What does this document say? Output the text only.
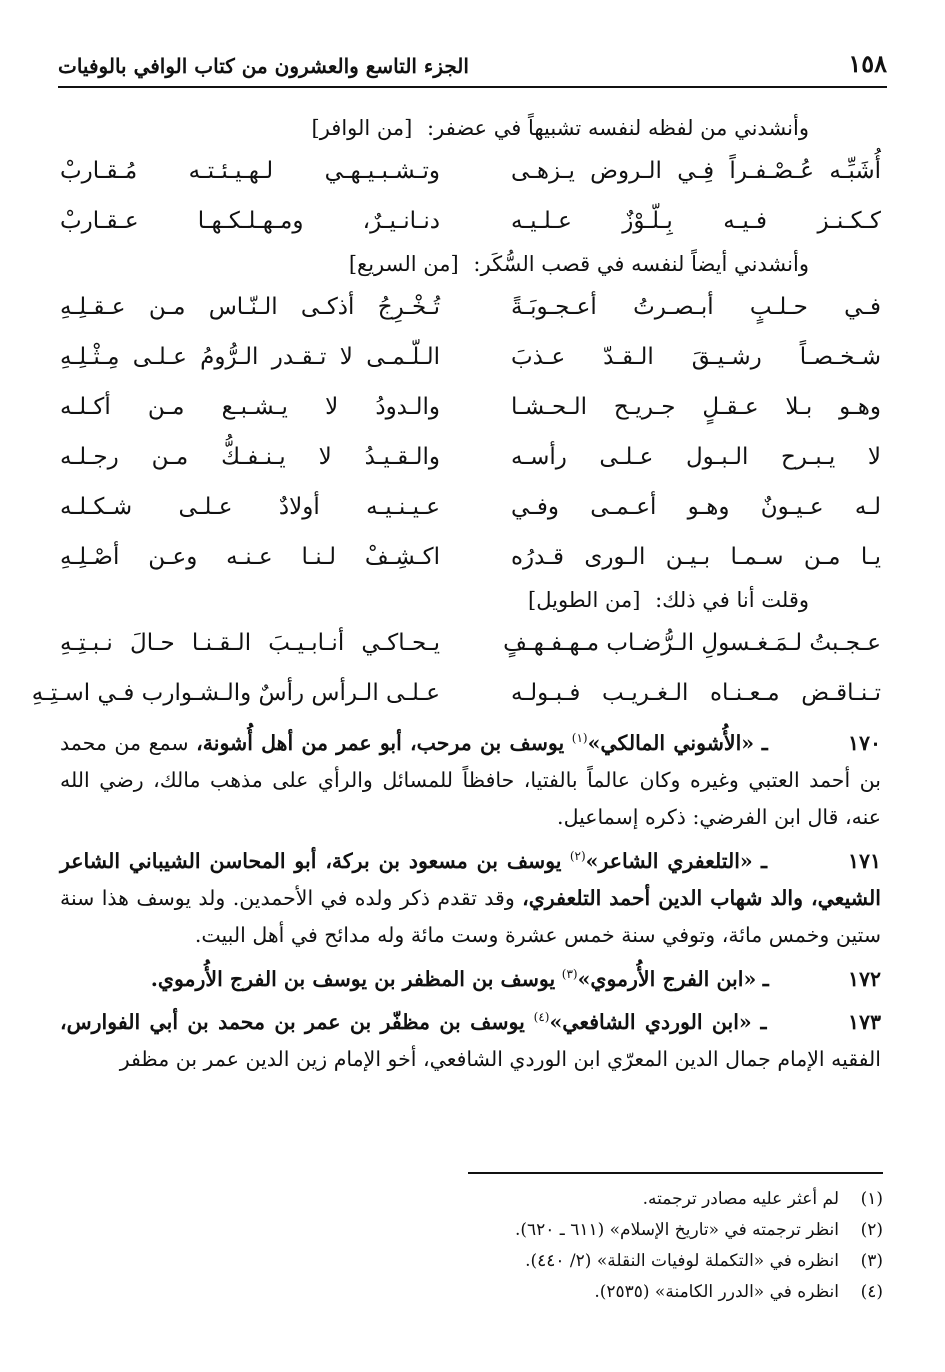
١٥٨
الجزء التاسع والعشرون من كتاب الوافي بالوفيات
وأنشدني من لفظه لنفسه تشبيهاً في عضفر: [من الوافر]
أُشَبِّـه عُـصْـفـراً فِـي الـروض يـزهـى
وتـشـبـيـهـي لـهـيـئـتـه مُـقـاربْ
كـكـنـز فـيـه بِـلّـوْزٌ عـلـيـه
دنـانـيـرٌ، ومـهـلـكـهـا عـقـاربْ
وأنشدني أيضاً لنفسه في قصب السُّكَر: [من السريع]
فـي حـلـبٍ أبـصـرتُ أعـجـوبَـةً
تُـخْـرِجُ أذكـى الـنّـاس مـن عـقـلِـهِ
شـخـصـاً رشـيـقَ الـقـدّ عـذبَ
الـلّـمـى لا تـقـدر الـرُّومُ عـلـى مِـثْـلِـهِ
وهـو بـلا عـقـلٍ جـريـح الـحـشـا
والـدودُ لا يـشـبـع مـن أكـلـه
لا يـبـرح الـبـول عـلـى رأسـه
والـقـيـدُ لا يـنـفـكُّ مـن رجـلـه
لـه عـيـونٌ وهـو أعـمـى وفـي
عـيـنـيـه أولادٌ عـلـى شـكـلـه
يـا مـن سـمـا بـيـن الـورى قـدرُه
اكـشِـفْ لـنـا عـنـه وعـن أصْـلِـهِ
وقلت أنا في ذلك: [من الطويل]
عـجـبتُ لـمَـغـسولِ الـرُّضـاب مـهـفـهـفٍ
يـحـاكـي أنـابـيـبَ الـقـنـا حـالَ نـبـتِـهِ
تـنـاقـض مـعـنـاه الـغـريـب فـبـولـه
عـلـى الـرأس رأسٌ والـشـوارب فـي اسـتِـهِ
١٧٠ ـ «الأُشوني المالكي»$^{(١)}$ يوسف بن مرحب، أبو عمر من أهل أُشونة، سمع من محمد بن أحمد العتبي وغيره وكان عالماً بالفتيا، حافظاً للمسائل والرأي على مذهب مالك، رضي الله عنه، قال ابن الفرضي: ذكره إسماعيل.
١٧١ ـ «التلعفري الشاعر»$^{(٢)}$ يوسف بن مسعود بن بركة، أبو المحاسن الشيباني الشاعر الشيعي، والد شهاب الدين أحمد التلعفري، وقد تقدم ذكر ولده في الأحمدين. ولد يوسف هذا سنة ستين وخمس مائة، وتوفي سنة خمس عشرة وست مائة وله مدائح في أهل البيت.
١٧٢ ـ «ابن الفرج الأُرموي»$^{(٣)}$ يوسف بن المظفر بن يوسف بن الفرج الأُرموي.
١٧٣ ـ «ابن الوردي الشافعي»$^{(٤)}$ يوسف بن مظفّر بن عمر بن محمد بن أبي الفوارس، الفقيه الإمام جمال الدين المعرّي ابن الوردي الشافعي، أخو الإمام زين الدين عمر بن مظفر
(١)
لم أعثر عليه مصادر ترجمته.
(٢)
انظر ترجمته في «تاريخ الإسلام» (٦١١ ـ ٦٢٠).
(٣)
انظره في «التكملة لوفيات النقلة» (٢/ ٤٤٠).
(٤)
انظره في «الدرر الكامنة» (٢٥٣٥).
